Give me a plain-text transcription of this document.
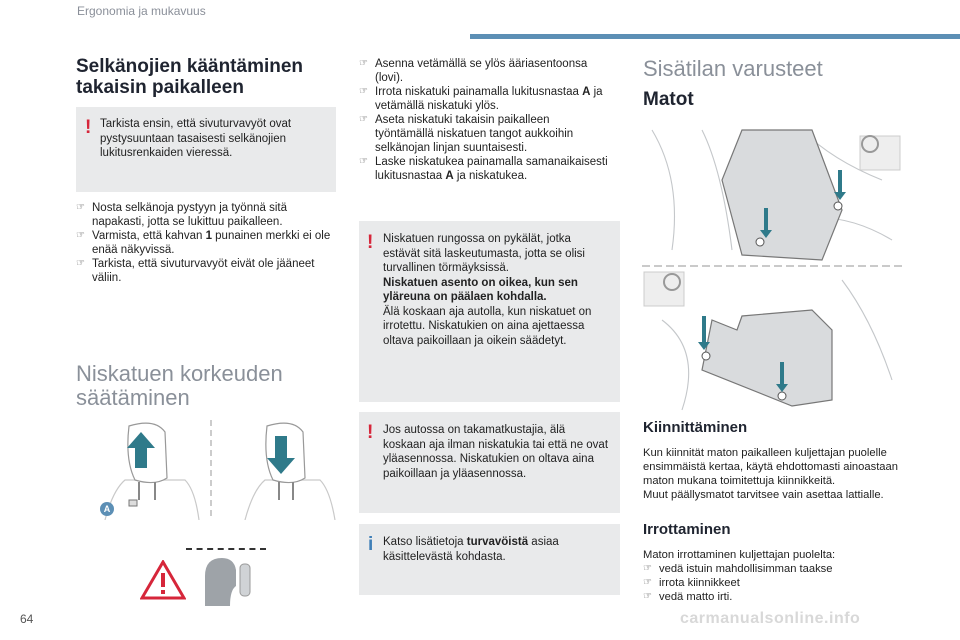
Ergonomia ja mukavuus
Selkänojien kääntäminen takaisin paikalleen
! Tarkista ensin, että sivuturvavyöt ovat pystysuuntaan tasaisesti selkänojien lukitusrenkaiden vieressä.
☞ Nosta selkänoja pystyyn ja työnnä sitä napakasti, jotta se lukittuu paikalleen.
☞ Varmista, että kahvan 1 punainen merkki ei ole enää näkyvissä.
☞ Tarkista, että sivuturvavyöt eivät ole jääneet väliin.
Niskatuen korkeuden säätäminen
A
☞ Asenna vetämällä se ylös ääriasentoonsa (lovi).
☞ Irrota niskatuki painamalla lukitusnastaa A ja vetämällä niskatuki ylös.
☞ Aseta niskatuki takaisin paikalleen työntämällä niskatuen tangot aukkoihin selkänojan linjan suuntaisesti.
☞ Laske niskatukea painamalla samanaikaisesti lukitusnastaa A ja niskatukea.
! Niskatuen rungossa on pykälät, jotka estävät sitä laskeutumasta, jotta se olisi turvallinen törmäyksissä.
Niskatuen asento on oikea, kun sen yläreuna on päälaen kohdalla.
Älä koskaan aja autolla, kun niskatuet on irrotettu. Niskatukien on aina ajettaessa oltava paikoillaan ja oikein säädetyt.
! Jos autossa on takamatkustajia, älä koskaan aja ilman niskatukia tai että ne ovat yläasennossa. Niskatukien on oltava aina paikoillaan ja yläasennossa.
i Katso lisätietoja turvavöistä asiaa käsittelevästä kohdasta.
Sisätilan varusteet
Matot
Kiinnittäminen
Kun kiinnität maton paikalleen kuljettajan puolelle ensimmäistä kertaa, käytä ehdottomasti ainoastaan maton mukana toimitettuja kiinnikkeitä.
Muut päällysmatot tarvitsee vain asettaa lattialle.
Irrottaminen
Maton irrottaminen kuljettajan puolelta:
☞ vedä istuin mahdollisimman taakse
☞ irrota kiinnikkeet
☞ vedä matto irti.
64	carmanualsonline.info
